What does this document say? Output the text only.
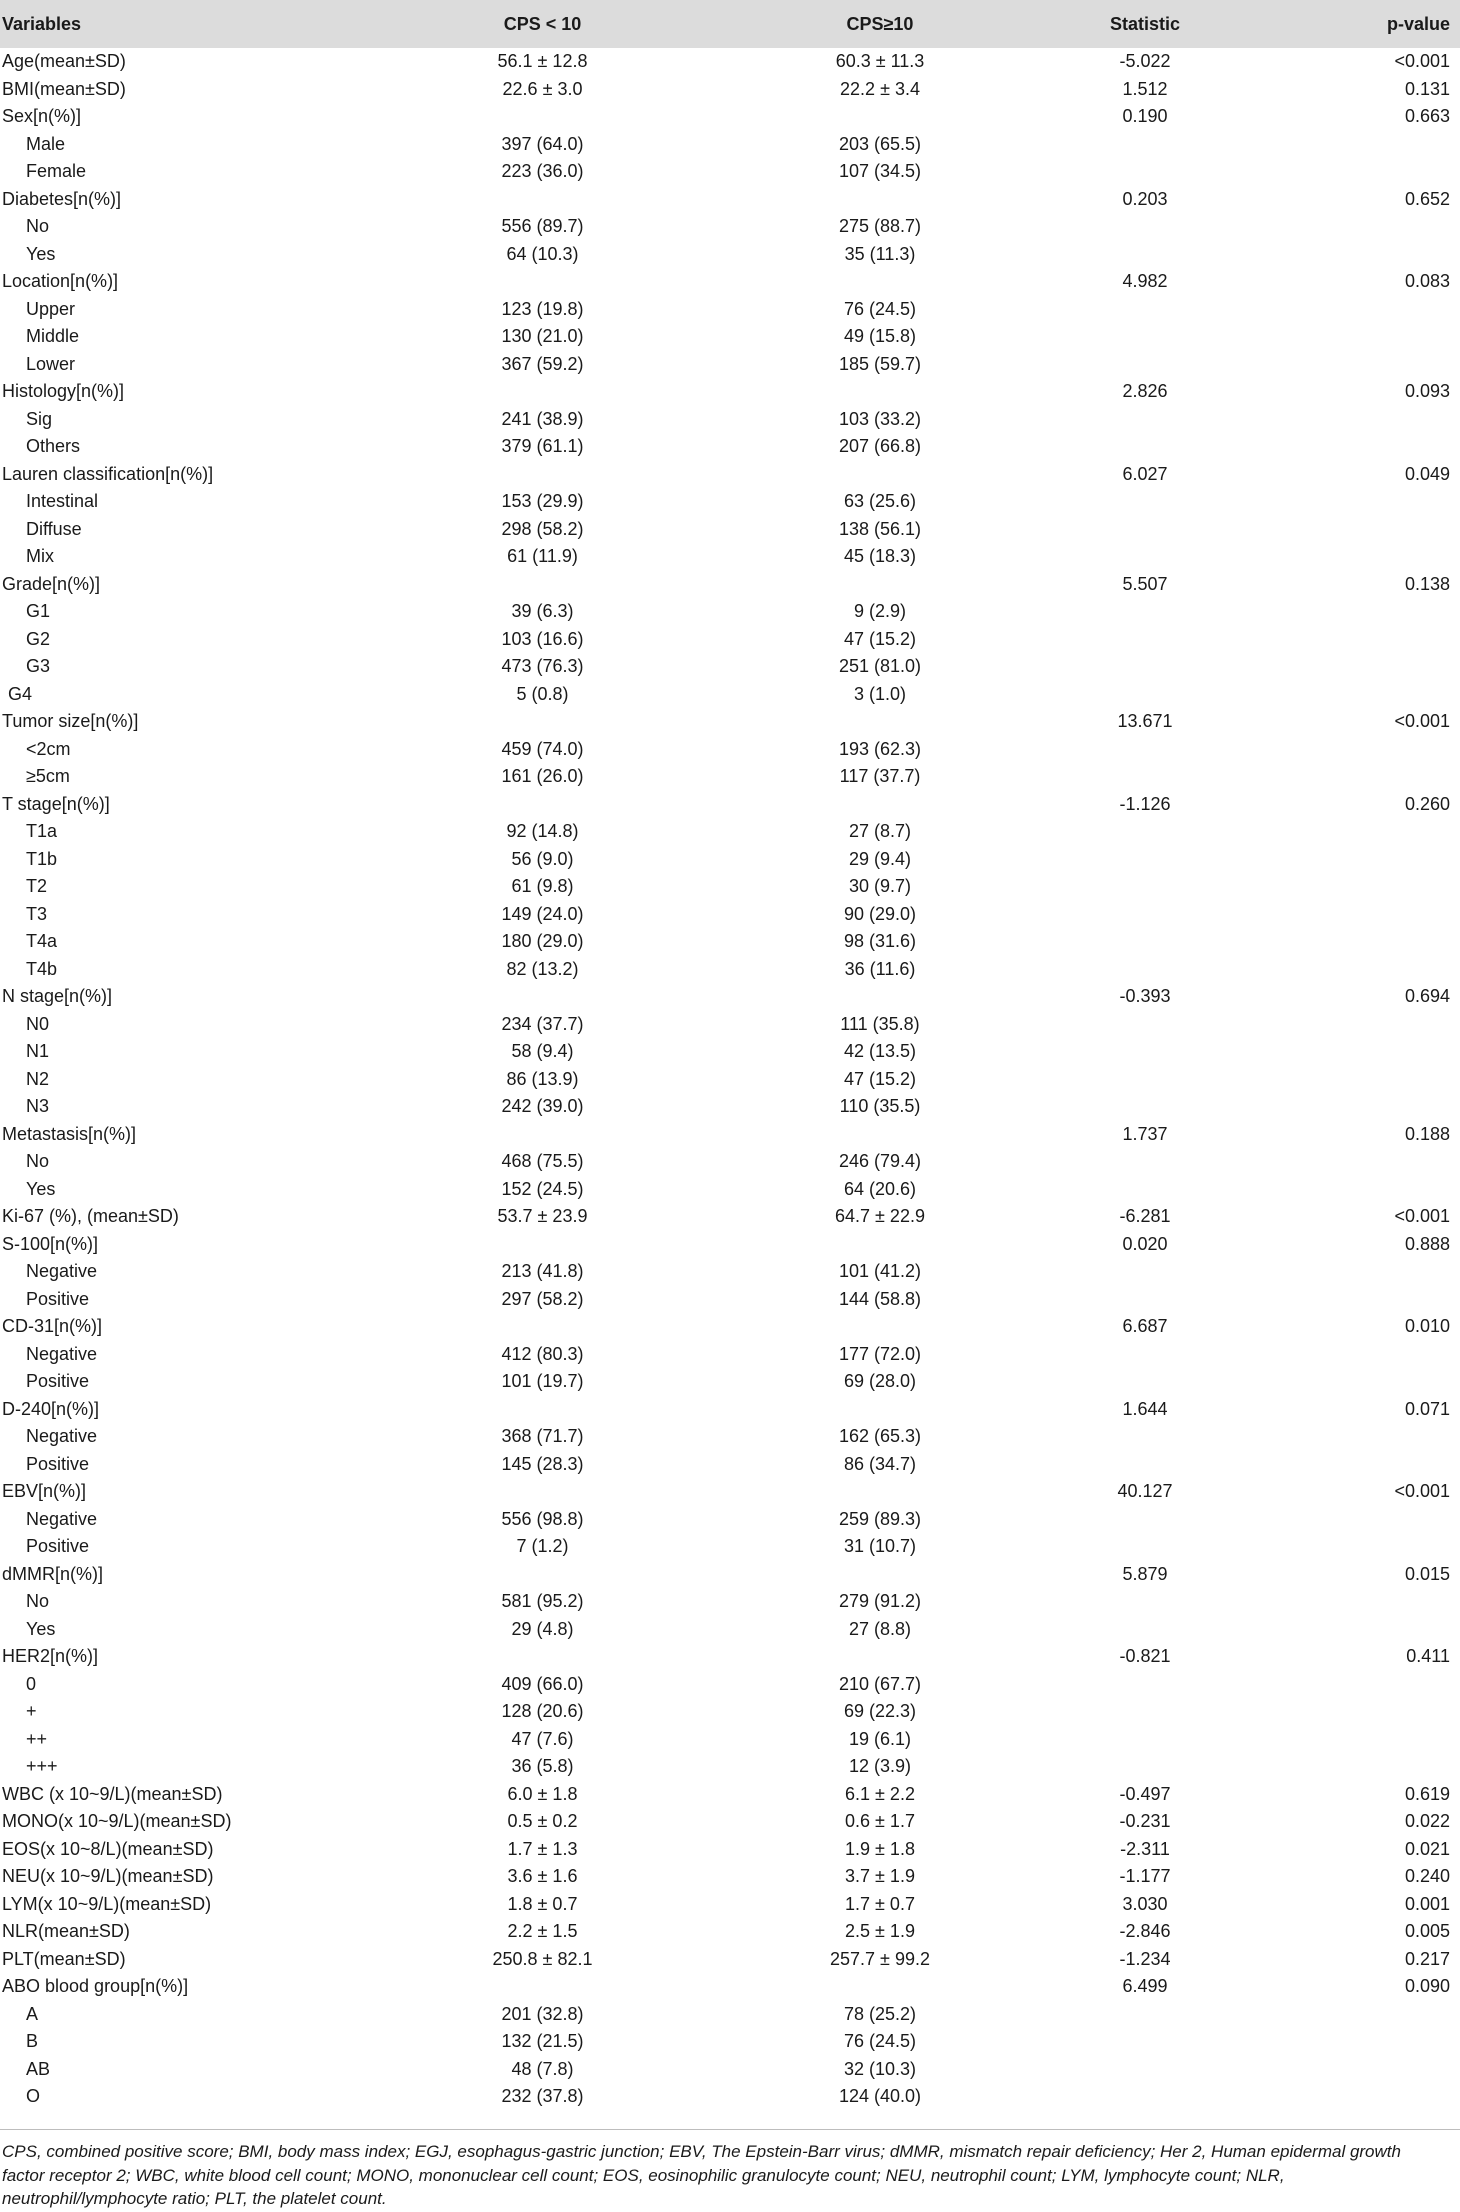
Variables	CPS < 10	CPS≥10	Statistic	p-value
Age(mean±SD)	56.1 ± 12.8	60.3 ± 11.3	-5.022	<0.001
BMI(mean±SD)	22.6 ± 3.0	22.2 ± 3.4	1.512	0.131
Sex[n(%)]			0.190	0.663
Male	397 (64.0)	203 (65.5)		
Female	223 (36.0)	107 (34.5)		
Diabetes[n(%)]			0.203	0.652
No	556 (89.7)	275 (88.7)		
Yes	64 (10.3)	35 (11.3)		
Location[n(%)]			4.982	0.083
Upper	123 (19.8)	76 (24.5)		
Middle	130 (21.0)	49 (15.8)		
Lower	367 (59.2)	185 (59.7)		
Histology[n(%)]			2.826	0.093
Sig	241 (38.9)	103 (33.2)		
Others	379 (61.1)	207 (66.8)		
Lauren classification[n(%)]			6.027	0.049
Intestinal	153 (29.9)	63 (25.6)		
Diffuse	298 (58.2)	138 (56.1)		
Mix	61 (11.9)	45 (18.3)		
Grade[n(%)]			5.507	0.138
G1	39 (6.3)	9 (2.9)		
G2	103 (16.6)	47 (15.2)		
G3	473 (76.3)	251 (81.0)		
G4	5 (0.8)	3 (1.0)		
Tumor size[n(%)]			13.671	<0.001
<2cm	459 (74.0)	193 (62.3)		
≥5cm	161 (26.0)	117 (37.7)		
T stage[n(%)]			-1.126	0.260
T1a	92 (14.8)	27 (8.7)		
T1b	56 (9.0)	29 (9.4)		
T2	61 (9.8)	30 (9.7)		
T3	149 (24.0)	90 (29.0)		
T4a	180 (29.0)	98 (31.6)		
T4b	82 (13.2)	36 (11.6)		
N stage[n(%)]			-0.393	0.694
N0	234 (37.7)	111 (35.8)		
N1	58 (9.4)	42 (13.5)		
N2	86 (13.9)	47 (15.2)		
N3	242 (39.0)	110 (35.5)		
Metastasis[n(%)]			1.737	0.188
No	468 (75.5)	246 (79.4)		
Yes	152 (24.5)	64 (20.6)		
Ki-67 (%), (mean±SD)	53.7 ± 23.9	64.7 ± 22.9	-6.281	<0.001
S-100[n(%)]			0.020	0.888
Negative	213 (41.8)	101 (41.2)		
Positive	297 (58.2)	144 (58.8)		
CD-31[n(%)]			6.687	0.010
Negative	412 (80.3)	177 (72.0)		
Positive	101 (19.7)	69 (28.0)		
D-240[n(%)]			1.644	0.071
Negative	368 (71.7)	162 (65.3)		
Positive	145 (28.3)	86 (34.7)		
EBV[n(%)]			40.127	<0.001
Negative	556 (98.8)	259 (89.3)		
Positive	7 (1.2)	31 (10.7)		
dMMR[n(%)]			5.879	0.015
No	581 (95.2)	279 (91.2)		
Yes	29 (4.8)	27 (8.8)		
HER2[n(%)]			-0.821	0.411
0	409 (66.0)	210 (67.7)		
+	128 (20.6)	69 (22.3)		
++	47 (7.6)	19 (6.1)		
+++	36 (5.8)	12 (3.9)		
WBC (x 10~9/L)(mean±SD)	6.0 ± 1.8	6.1 ± 2.2	-0.497	0.619
MONO(x 10~9/L)(mean±SD)	0.5 ± 0.2	0.6 ± 1.7	-0.231	0.022
EOS(x 10~8/L)(mean±SD)	1.7 ± 1.3	1.9 ± 1.8	-2.311	0.021
NEU(x 10~9/L)(mean±SD)	3.6 ± 1.6	3.7 ± 1.9	-1.177	0.240
LYM(x 10~9/L)(mean±SD)	1.8 ± 0.7	1.7 ± 0.7	3.030	0.001
NLR(mean±SD)	2.2 ± 1.5	2.5 ± 1.9	-2.846	0.005
PLT(mean±SD)	250.8 ± 82.1	257.7 ± 99.2	-1.234	0.217
ABO blood group[n(%)]			6.499	0.090
A	201 (32.8)	78 (25.2)		
B	132 (21.5)	76 (24.5)		
AB	48 (7.8)	32 (10.3)		
O	232 (37.8)	124 (40.0)		

CPS, combined positive score; BMI, body mass index; EGJ, esophagus-gastric junction; EBV, The Epstein-Barr virus; dMMR, mismatch repair deficiency; Her 2, Human epidermal growth factor receptor 2; WBC, white blood cell count; MONO, mononuclear cell count; EOS, eosinophilic granulocyte count; NEU, neutrophil count; LYM, lymphocyte count; NLR, neutrophil/lymphocyte ratio; PLT, the platelet count.
